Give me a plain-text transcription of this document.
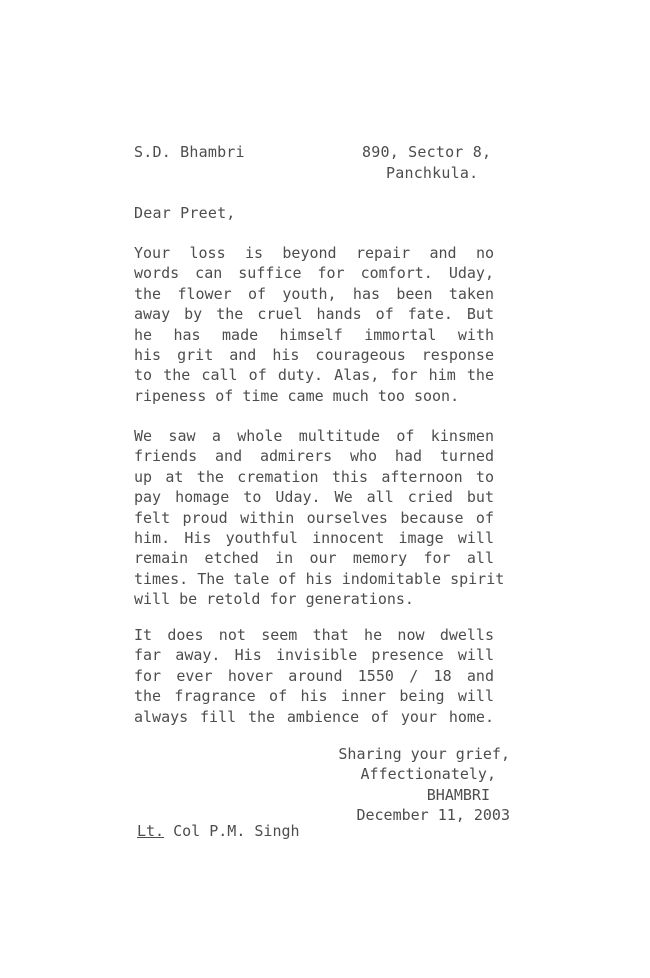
S.D. Bhambri	890, Sector 8,
Panchkula.
Dear Preet,
Your loss is beyond repair and no
words can suffice for comfort. Uday,
the flower of youth, has been taken
away by the cruel hands of fate. But
he has made himself immortal with
his grit and his courageous response
to the call of duty. Alas, for him the
ripeness of time came much too soon.
We saw a whole multitude of kinsmen
friends and admirers who had turned
up at the cremation this afternoon to
pay homage to Uday. We all cried but
felt proud within ourselves because of
him. His youthful innocent image will
remain etched in our memory for all
times. The tale of his indomitable spirit
will be retold for generations.
It does not seem that he now dwells
far away. His invisible presence will
for ever hover around 1550 / 18 and
the fragrance of his inner being will
always fill the ambience of your home.
Sharing your grief,
Affectionately,
BHAMBRI
December 11, 2003
Lt. Col P.M. Singh
